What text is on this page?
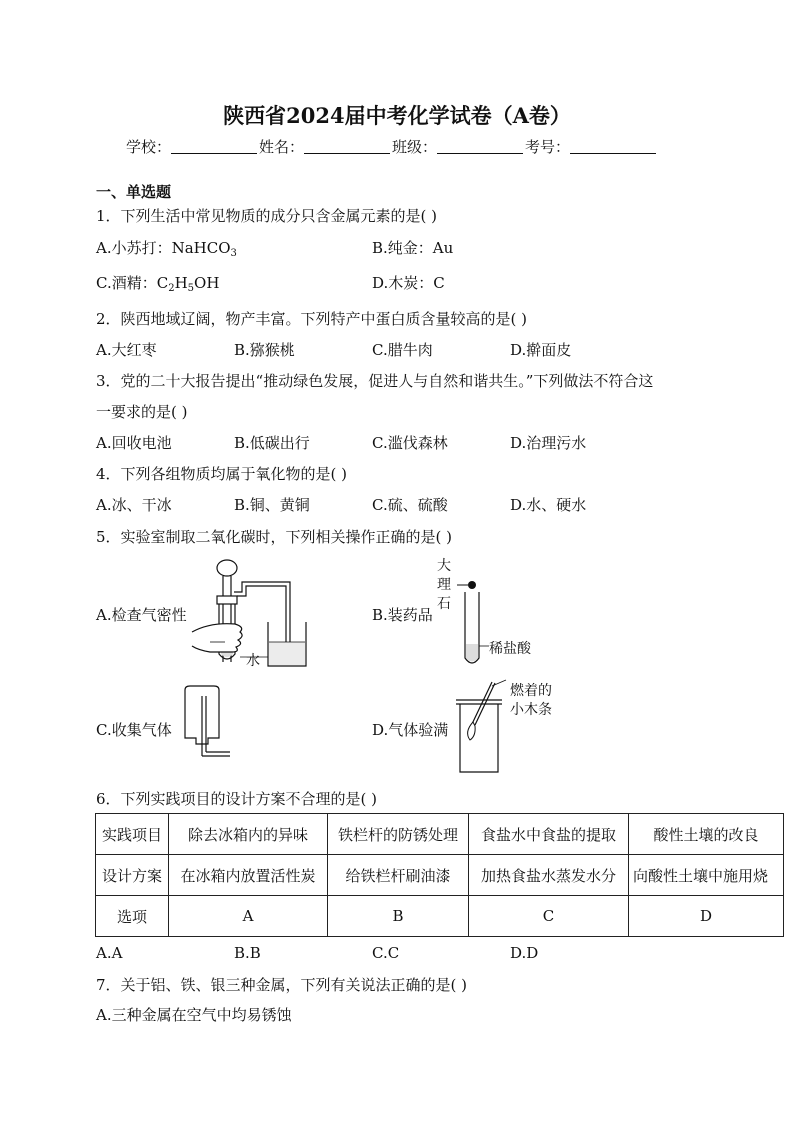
陕西省2024届中考化学试卷（A卷）
学校：	姓名：	班级：	考号：
一、单选题
1．下列生活中常见物质的成分只含金属元素的是( )
A.小苏打：NaHCO$_3$	B.纯金：Au
C.酒精：$C_2H_5OH$	D.木炭：C
2．陕西地域辽阔，物产丰富。下列特产中蛋白质含量较高的是( )
A.大红枣	B.猕猴桃	C.腊牛肉	D.擀面皮
3．党的二十大报告提出“推动绿色发展，促进人与自然和谐共生。”下列做法不符合这
一要求的是( )
A.回收电池	B.低碳出行	C.滥伐森林	D.治理污水
4．下列各组物质均属于氧化物的是( )
A.冰、干冰	B.铜、黄铜	C.硫、硫酸	D.水、硬水
5．实验室制取二氧化碳时，下列相关操作正确的是( )
A.检查气密性	B.装药品
C.收集气体	D.气体验满
水
大
理
石
稀盐酸
燃着的
小木条
6．下列实践项目的设计方案不合理的是( )
实践项目	除去冰箱内的异味	铁栏杆的防锈处理	食盐水中食盐的提取	酸性土壤的改良
设计方案	在冰箱内放置活性炭	给铁栏杆刷油漆	加热食盐水蒸发水分	向酸性土壤中施用烧
选项	A	B	C	D
A.A	B.B	C.C	D.D
7．关于铝、铁、银三种金属，下列有关说法正确的是( )
A.三种金属在空气中均易锈蚀
